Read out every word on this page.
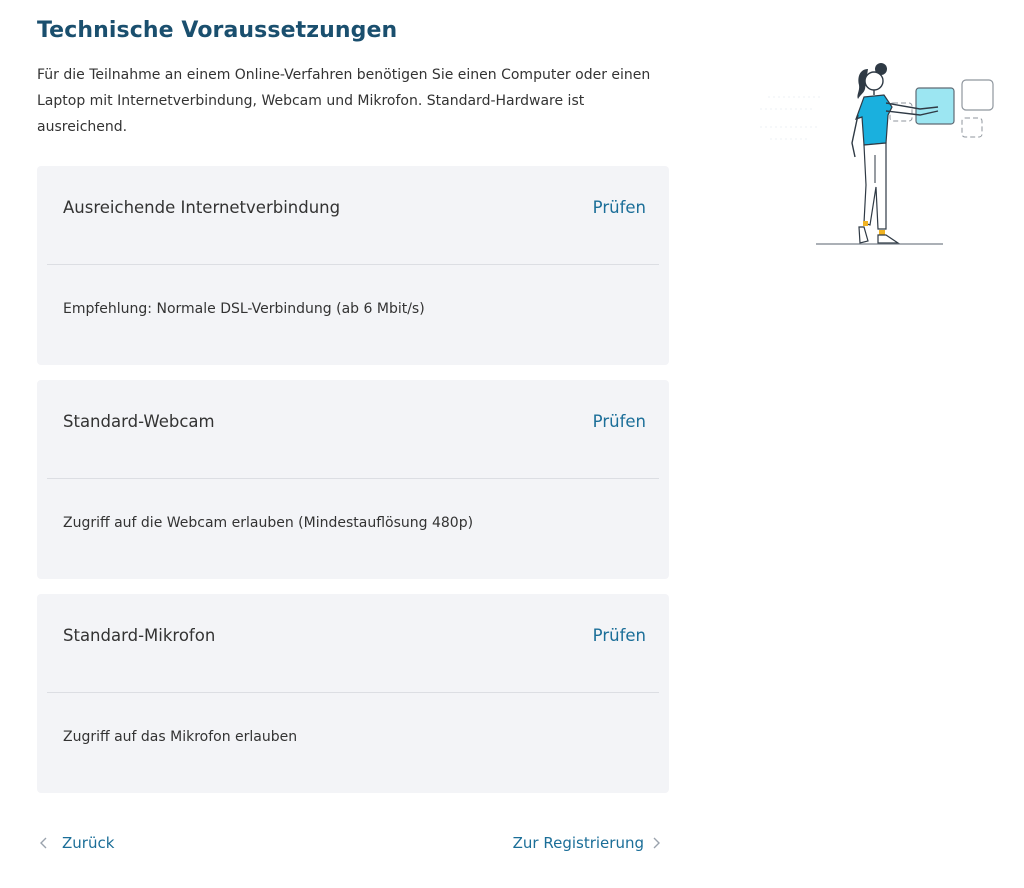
Technische Voraussetzungen

Für die Teilnahme an einem Online-Verfahren benötigen Sie einen Computer oder einen Laptop mit Internetverbindung, Webcam und Mikrofon. Standard-Hardware ist ausreichend.

Ausreichende Internetverbindung	Prüfen
Empfehlung: Normale DSL-Verbindung (ab 6 Mbit/s)
Standard-Webcam	Prüfen
Zugriff auf die Webcam erlauben (Mindestauflösung 480p)
Standard-Mikrofon	Prüfen
Zugriff auf das Mikrofon erlauben
Zurück	Zur Registrierung
